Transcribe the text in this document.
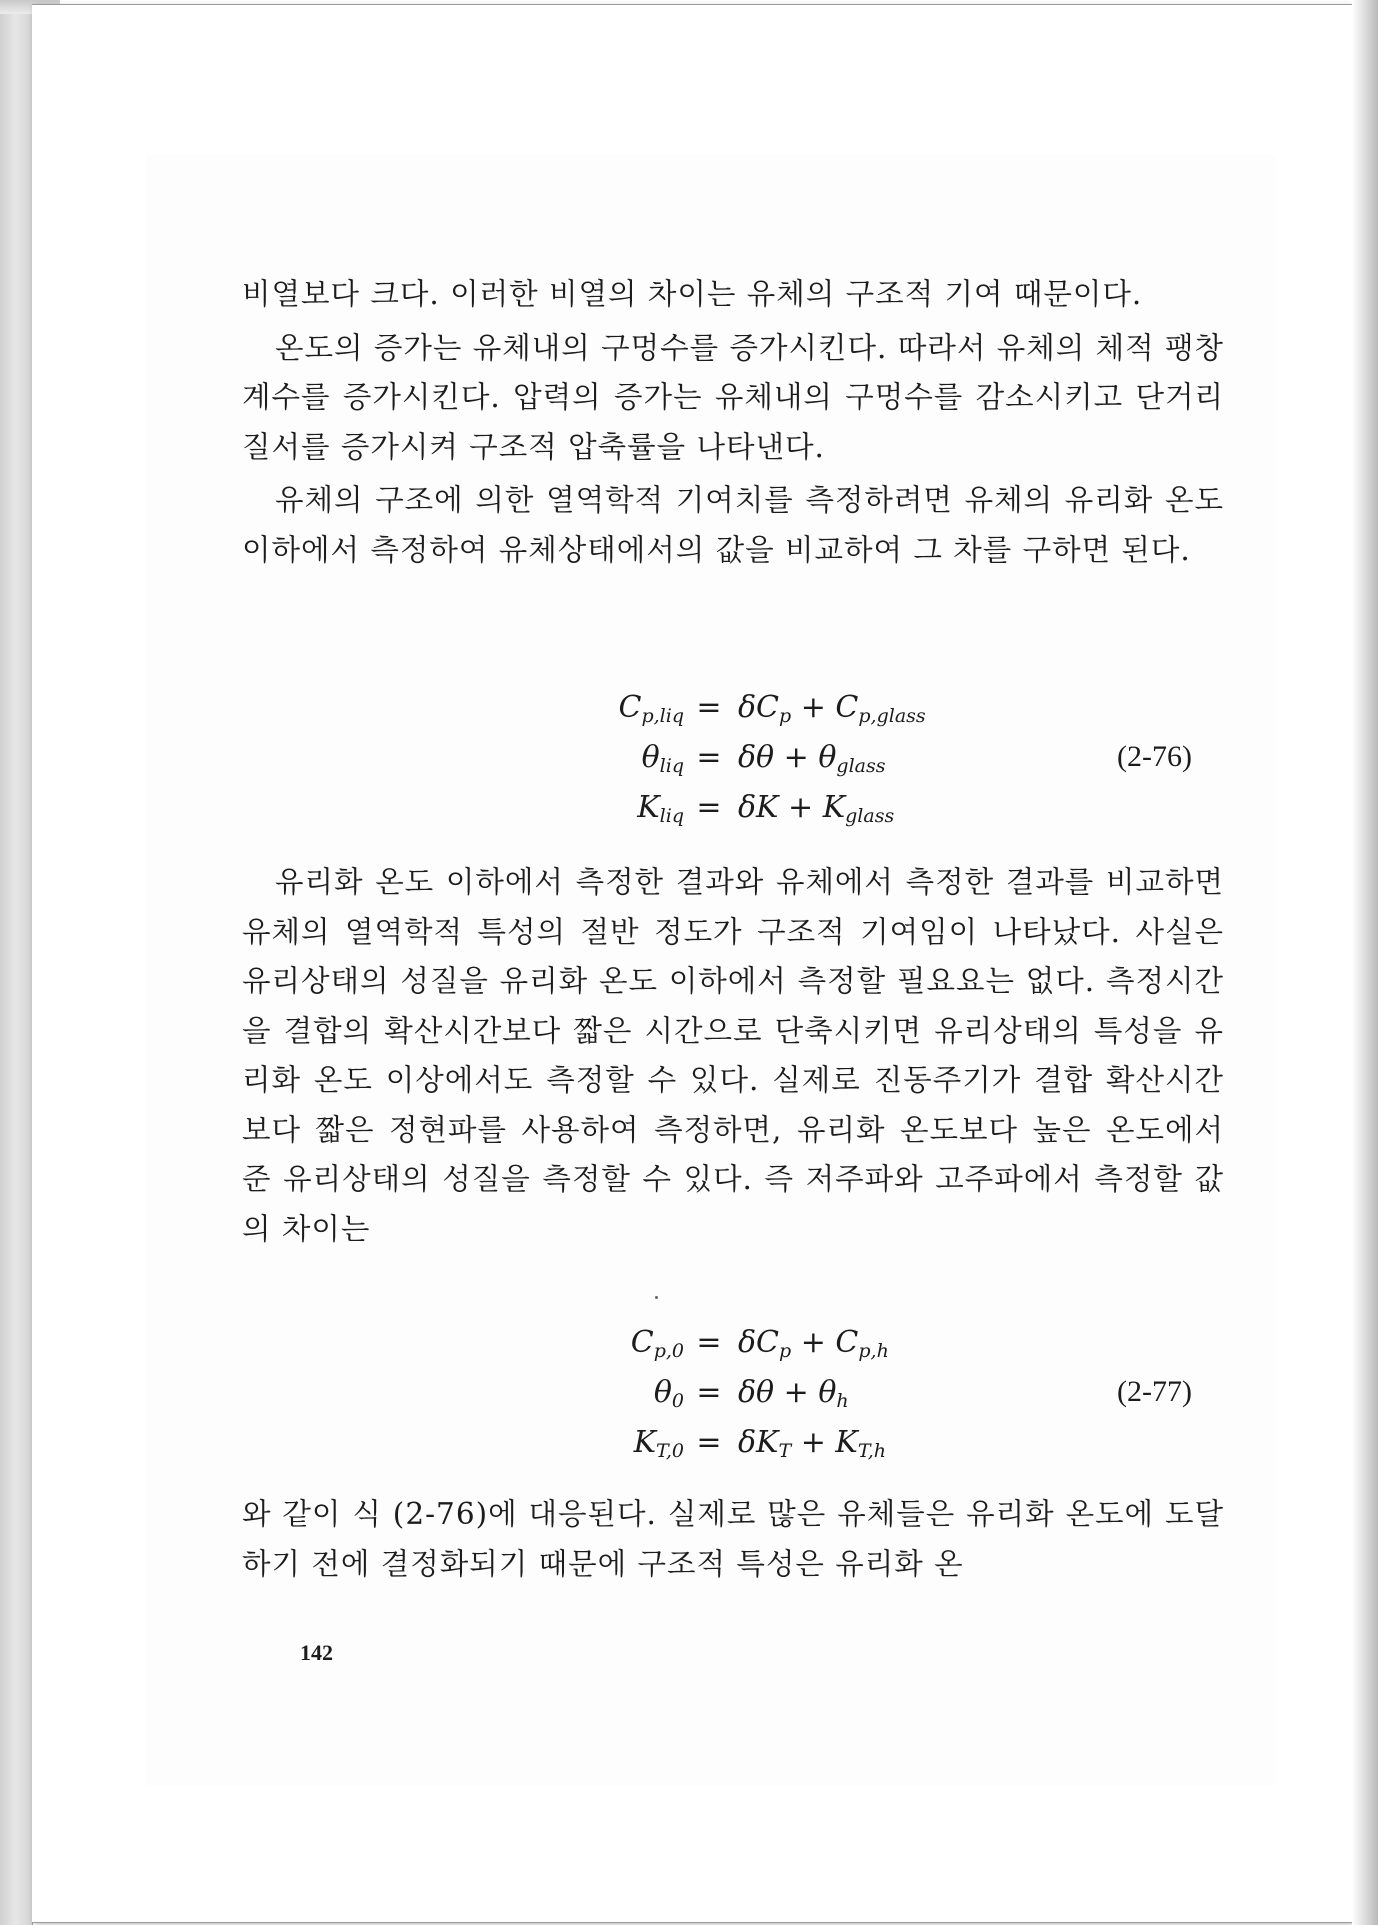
비열보다 크다. 이러한 비열의 차이는 유체의 구조적 기여 때문이다.

온도의 증가는 유체내의 구멍수를 증가시킨다. 따라서 유체의 체적 팽창계수를 증가시킨다. 압력의 증가는 유체내의 구멍수를 감소시키고 단거리 질서를 증가시켜 구조적 압축률을 나타낸다.

유체의 구조에 의한 열역학적 기여치를 측정하려면 유체의 유리화 온도 이하에서 측정하여 유체상태에서의 값을 비교하여 그 차를 구하면 된다.

$C_{p,liq} = \delta C_p + C_{p,glass}$
$\theta_{liq} = \delta\theta + \theta_{glass}$	(2-76)
$K_{liq} = \delta K + K_{glass}$

유리화 온도 이하에서 측정한 결과와 유체에서 측정한 결과를 비교하면 유체의 열역학적 특성의 절반 정도가 구조적 기여임이 나타났다. 사실은 유리상태의 성질을 유리화 온도 이하에서 측정할 필요요는 없다. 측정시간을 결합의 확산시간보다 짧은 시간으로 단축시키면 유리상태의 특성을 유리화 온도 이상에서도 측정할 수 있다. 실제로 진동주기가 결합 확산시간보다 짧은 정현파를 사용하여 측정하면, 유리화 온도보다 높은 온도에서 준 유리상태의 성질을 측정할 수 있다. 즉 저주파와 고주파에서 측정할 값의 차이는

$C_{p,0} = \delta C_p + C_{p,h}$
$\theta_0 = \delta\theta + \theta_h$	(2-77)
$K_{T,0} = \delta K_T + K_{T,h}$

와 같이 식 (2-76)에 대응된다. 실제로 많은 유체들은 유리화 온도에 도달하기 전에 결정화되기 때문에 구조적 특성은 유리화 온

142
